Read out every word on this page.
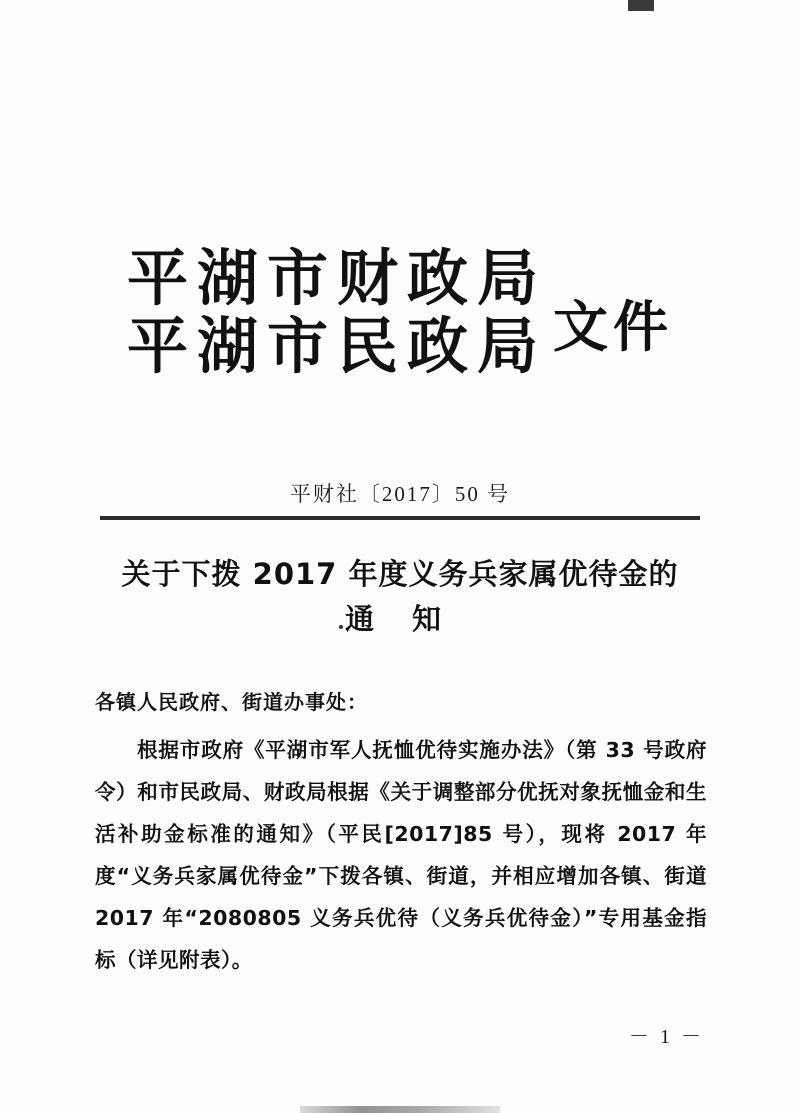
平湖市财政局
平湖市民政局 文件
平财社〔2017〕50 号
关于下拨 2017 年度义务兵家属优待金的
通 知
各镇人民政府、街道办事处：
根据市政府《平湖市军人抚恤优待实施办法》（第 33 号政府令）和市民政局、财政局根据《关于调整部分优抚对象抚恤金和生活补助金标准的通知》（平民[2017]85 号），现将 2017 年度“义务兵家属优待金”下拨各镇、街道，并相应增加各镇、街道 2017 年“2080805 义务兵优待（义务兵优待金）”专用基金指标（详见附表）。
－ 1 －
